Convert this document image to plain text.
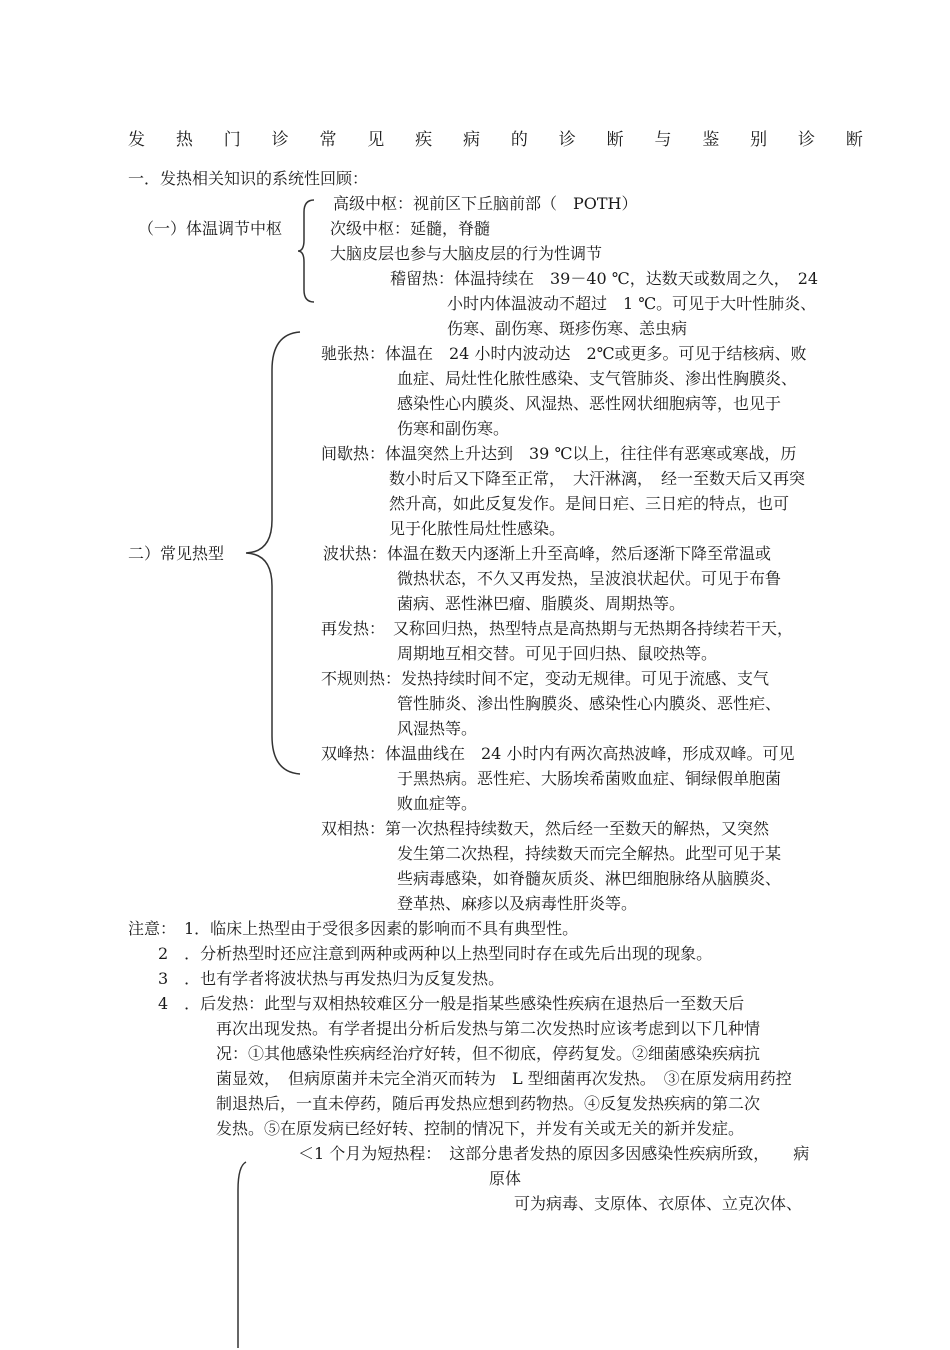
发 热 门 诊 常 见 疾 病 的 诊 断 与 鉴 别 诊 断
一．发热相关知识的系统性回顾：
（一）体温调节中枢
高级中枢：视前区下丘脑前部（　POTH）
次级中枢：延髓，脊髓
大脑皮层也参与大脑皮层的行为性调节
二）常见热型
稽留热：体温持续在　39－40 ℃，达数天或数周之久，　24
小时内体温波动不超过　1 ℃。可见于大叶性肺炎、
伤寒、副伤寒、斑疹伤寒、恙虫病
驰张热：体温在　24 小时内波动达　2℃或更多。可见于结核病、败
血症、局灶性化脓性感染、支气管肺炎、渗出性胸膜炎、
感染性心内膜炎、风湿热、恶性网状细胞病等，也见于
伤寒和副伤寒。
间歇热：体温突然上升达到　39 ℃以上，往往伴有恶寒或寒战，历
数小时后又下降至正常，　大汗淋漓，　经一至数天后又再突
然升高，如此反复发作。是间日疟、三日疟的特点，也可
见于化脓性局灶性感染。
波状热：体温在数天内逐渐上升至高峰，然后逐渐下降至常温或
微热状态，不久又再发热，呈波浪状起伏。可见于布鲁
菌病、恶性淋巴瘤、脂膜炎、周期热等。
再发热：　又称回归热，热型特点是高热期与无热期各持续若干天，
周期地互相交替。可见于回归热、鼠咬热等。
不规则热：发热持续时间不定，变动无规律。可见于流感、支气
管性肺炎、渗出性胸膜炎、感染性心内膜炎、恶性疟、
风湿热等。
双峰热：体温曲线在　24 小时内有两次高热波峰，形成双峰。可见
于黑热病。恶性疟、大肠埃希菌败血症、铜绿假单胞菌
败血症等。
双相热：第一次热程持续数天，然后经一至数天的解热，又突然
发生第二次热程，持续数天而完全解热。此型可见于某
些病毒感染，如脊髓灰质炎、淋巴细胞脉络从脑膜炎、
登革热、麻疹以及病毒性肝炎等。
注意：　1．临床上热型由于受很多因素的影响而不具有典型性。
2　．分析热型时还应注意到两种或两种以上热型同时存在或先后出现的现象。
3　．也有学者将波状热与再发热归为反复发热。
4　．后发热：此型与双相热较难区分一般是指某些感染性疾病在退热后一至数天后
再次出现发热。有学者提出分析后发热与第二次发热时应该考虑到以下几种情
况：①其他感染性疾病经治疗好转，但不彻底，停药复发。②细菌感染疾病抗
菌显效，　但病原菌并未完全消灭而转为　L 型细菌再次发热。　③在原发病用药控
制退热后，一直未停药，随后再发热应想到药物热。④反复发热疾病的第二次
发热。⑤在原发病已经好转、控制的情况下，并发有关或无关的新并发症。
＜1 个月为短热程：　这部分患者发热的原因多因感染性疾病所致，　　病
原体
可为病毒、支原体、衣原体、立克次体、
